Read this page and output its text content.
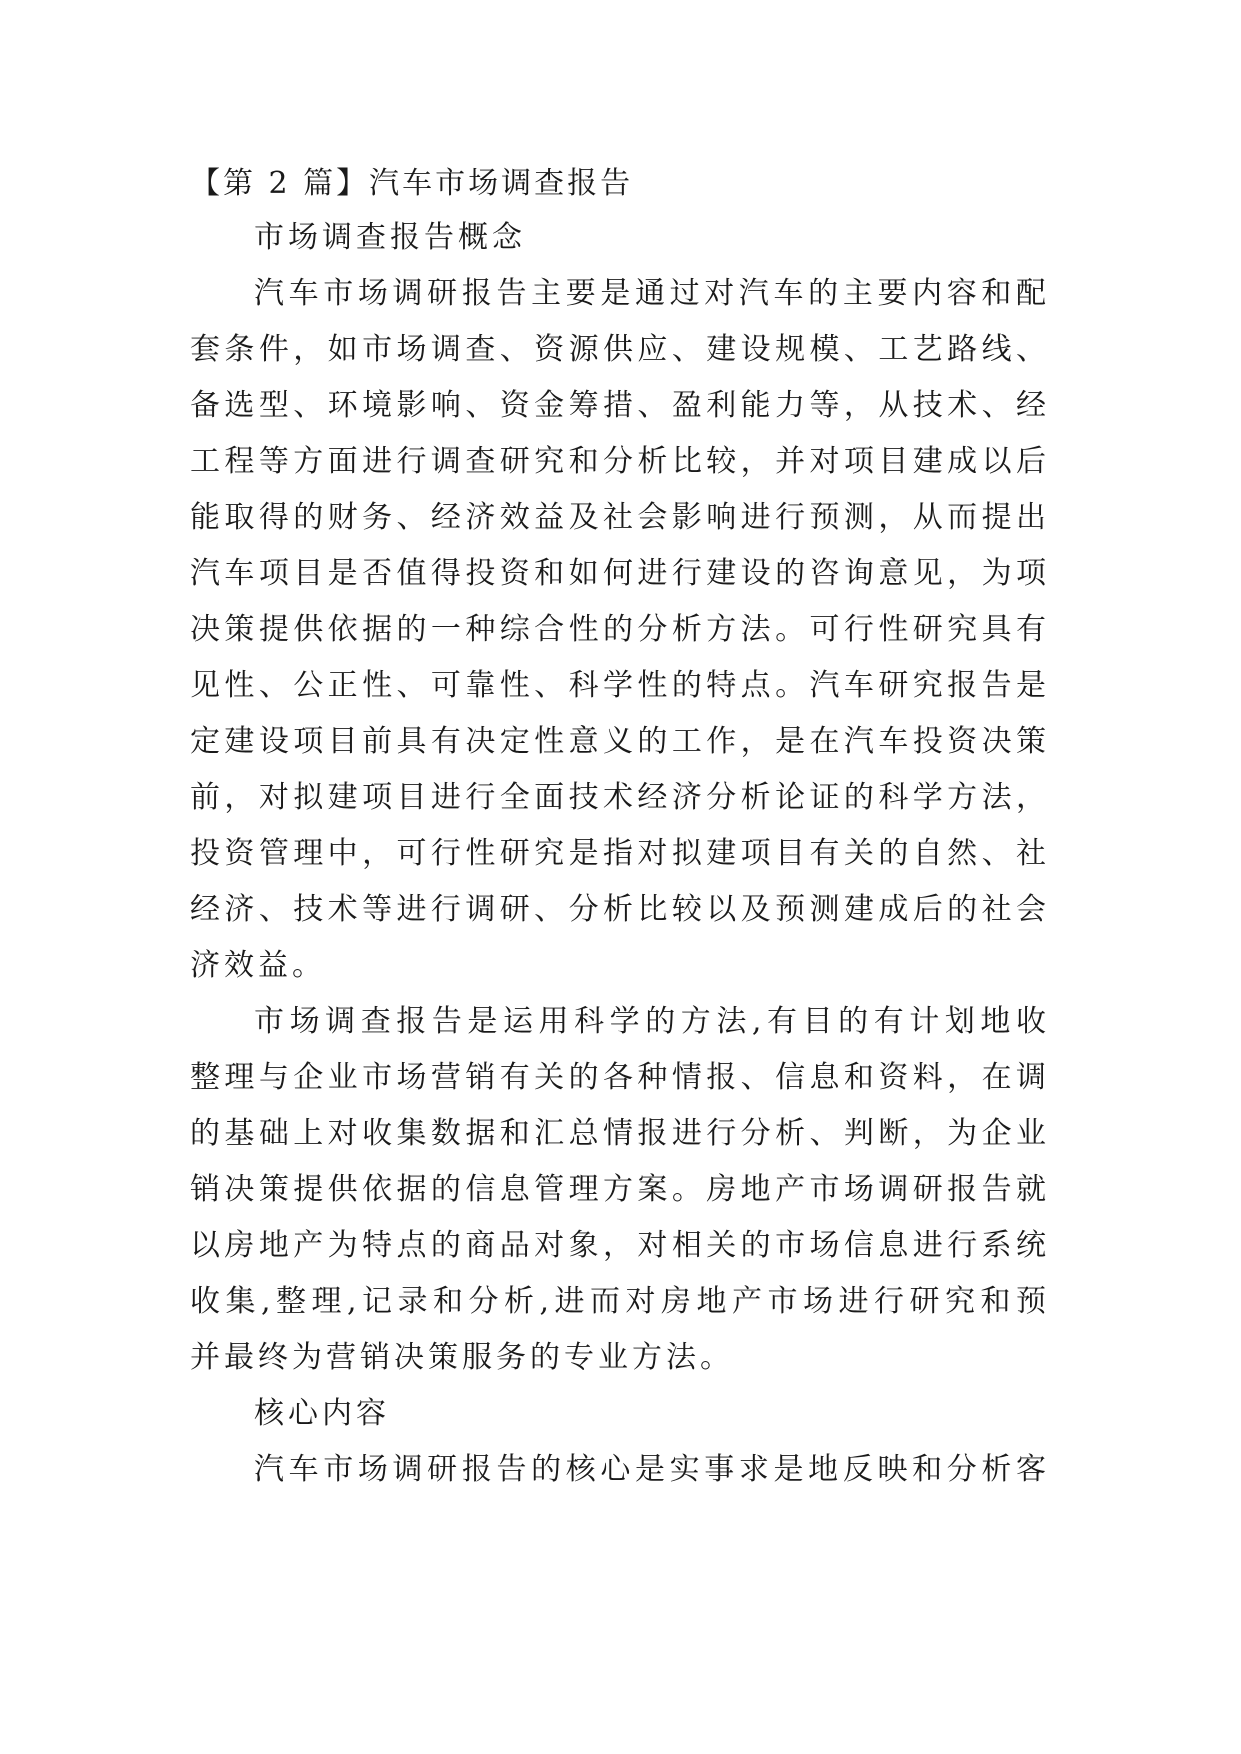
【第 2 篇】汽车市场调查报告
市场调查报告概念
汽车市场调研报告主要是通过对汽车的主要内容和配
套条件，如市场调查、资源供应、建设规模、工艺路线、
备选型、环境影响、资金筹措、盈利能力等，从技术、经
工程等方面进行调查研究和分析比较，并对项目建成以后
能取得的财务、经济效益及社会影响进行预测，从而提出
汽车项目是否值得投资和如何进行建设的咨询意见，为项
决策提供依据的一种综合性的分析方法。可行性研究具有
见性、公正性、可靠性、科学性的特点。汽车研究报告是
定建设项目前具有决定性意义的工作，是在汽车投资决策
前，对拟建项目进行全面技术经济分析论证的科学方法，
投资管理中，可行性研究是指对拟建项目有关的自然、社
经济、技术等进行调研、分析比较以及预测建成后的社会
济效益。
市场调查报告是运用科学的方法,有目的有计划地收
整理与企业市场营销有关的各种情报、信息和资料，在调
的基础上对收集数据和汇总情报进行分析、判断，为企业
销决策提供依据的信息管理方案。房地产市场调研报告就
以房地产为特点的商品对象，对相关的市场信息进行系统
收集,整理,记录和分析,进而对房地产市场进行研究和预
并最终为营销决策服务的专业方法。
核心内容
汽车市场调研报告的核心是实事求是地反映和分析客
